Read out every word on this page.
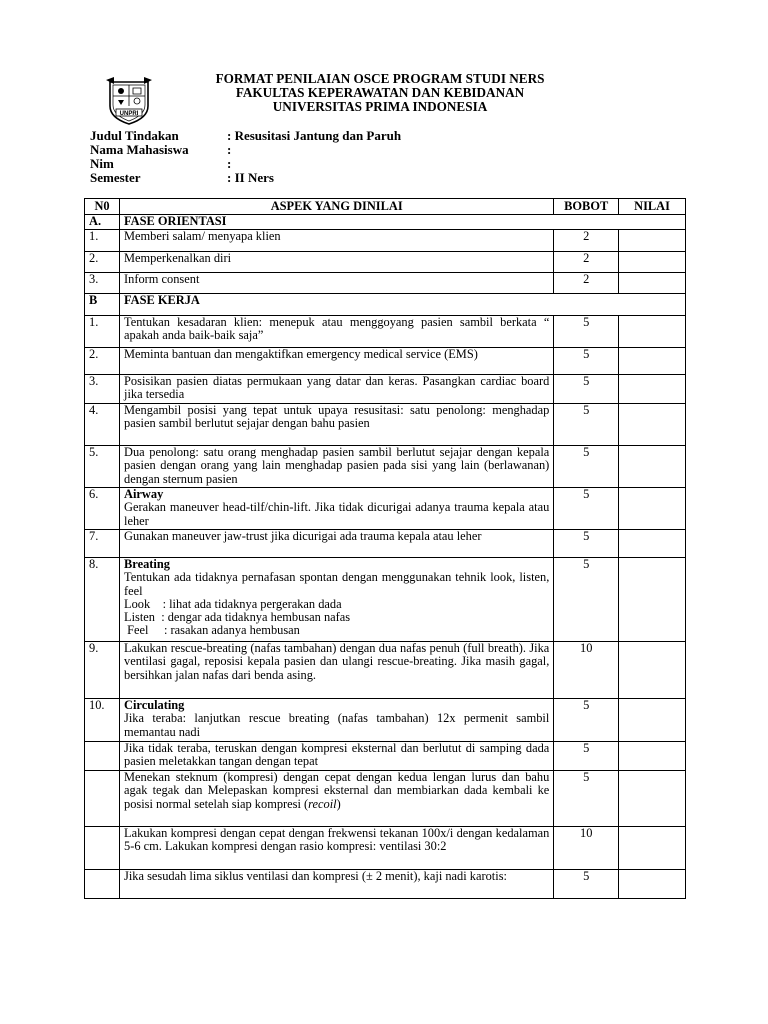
UNPRI
FORMAT PENILAIAN OSCE PROGRAM STUDI NERS
FAKULTAS KEPERAWATAN DAN KEBIDANAN
UNIVERSITAS PRIMA INDONESIA
Judul Tindakan	: Resusitasi Jantung dan Paruh
Nama Mahasiswa	:
Nim	:
Semester	: II Ners
N0	ASPEK YANG DINILAI	BOBOT	NILAI
A.	FASE ORIENTASI		
1.	Memberi salam/ menyapa klien	2	
2.	Memperkenalkan diri	2	
3.	Inform consent	2	
B	FASE KERJA		
1.	Tentukan kesadaran klien: menepuk atau menggoyang pasien sambil berkata “ apakah anda baik-baik saja”	5	
2.	Meminta bantuan dan mengaktifkan emergency medical service (EMS)	5	
3.	Posisikan pasien diatas permukaan yang datar dan keras. Pasangkan cardiac board jika tersedia	5	
4.	Mengambil posisi yang tepat untuk upaya resusitasi: satu penolong: menghadap pasien sambil berlutut sejajar dengan bahu pasien	5	
5.	Dua penolong: satu orang menghadap pasien sambil berlutut sejajar dengan kepala pasien dengan orang yang lain menghadap pasien pada sisi yang lain (berlawanan) dengan sternum pasien	5	
6.	Airway
Gerakan maneuver head-tilf/chin-lift. Jika tidak dicurigai adanya trauma kepala atau leher	5	
7.	Gunakan maneuver jaw-trust jika dicurigai ada trauma kepala atau leher	5	
8.	Breating
Tentukan ada tidaknya pernafasan spontan dengan menggunakan tehnik look, listen, feel
Look    : lihat ada tidaknya pergerakan dada
Listen  : dengar ada tidaknya hembusan nafas
Feel     : rasakan adanya hembusan	5	
9.	Lakukan rescue-breating (nafas tambahan) dengan dua nafas penuh (full breath). Jika ventilasi gagal, reposisi kepala pasien dan ulangi rescue-breating. Jika masih gagal, bersihkan jalan nafas dari benda asing.	10	
10.	Circulating
Jika teraba: lanjutkan rescue breating (nafas tambahan) 12x permenit sambil memantau nadi	5	
	Jika tidak teraba, teruskan dengan kompresi eksternal dan berlutut di samping dada pasien meletakkan tangan dengan tepat	5	
	Menekan steknum (kompresi) dengan cepat dengan kedua lengan lurus dan bahu agak tegak dan Melepaskan kompresi eksternal dan membiarkan dada kembali ke posisi normal setelah siap kompresi (recoil)	5	
	Lakukan kompresi dengan cepat dengan frekwensi tekanan 100x/i dengan kedalaman 5-6 cm. Lakukan kompresi dengan rasio kompresi: ventilasi 30:2	10	
	Jika sesudah lima siklus ventilasi dan kompresi (± 2 menit), kaji nadi karotis:	5	
